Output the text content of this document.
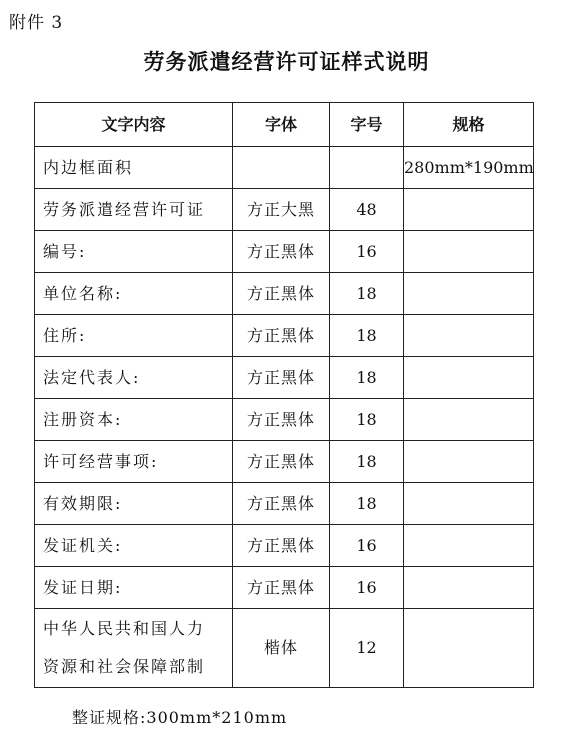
附件 3
劳务派遣经营许可证样式说明
文字内容	字体	字号	规格
内边框面积			280mm*190mm
劳务派遣经营许可证	方正大黑	48	
编号:	方正黑体	16	
单位名称:	方正黑体	18	
住所:	方正黑体	18	
法定代表人:	方正黑体	18	
注册资本:	方正黑体	18	
许可经营事项:	方正黑体	18	
有效期限:	方正黑体	18	
发证机关:	方正黑体	16	
发证日期:	方正黑体	16	

中华人民共和国人力
资源和社会保障部制	楷体	12	
整证规格:300mm*210mm
